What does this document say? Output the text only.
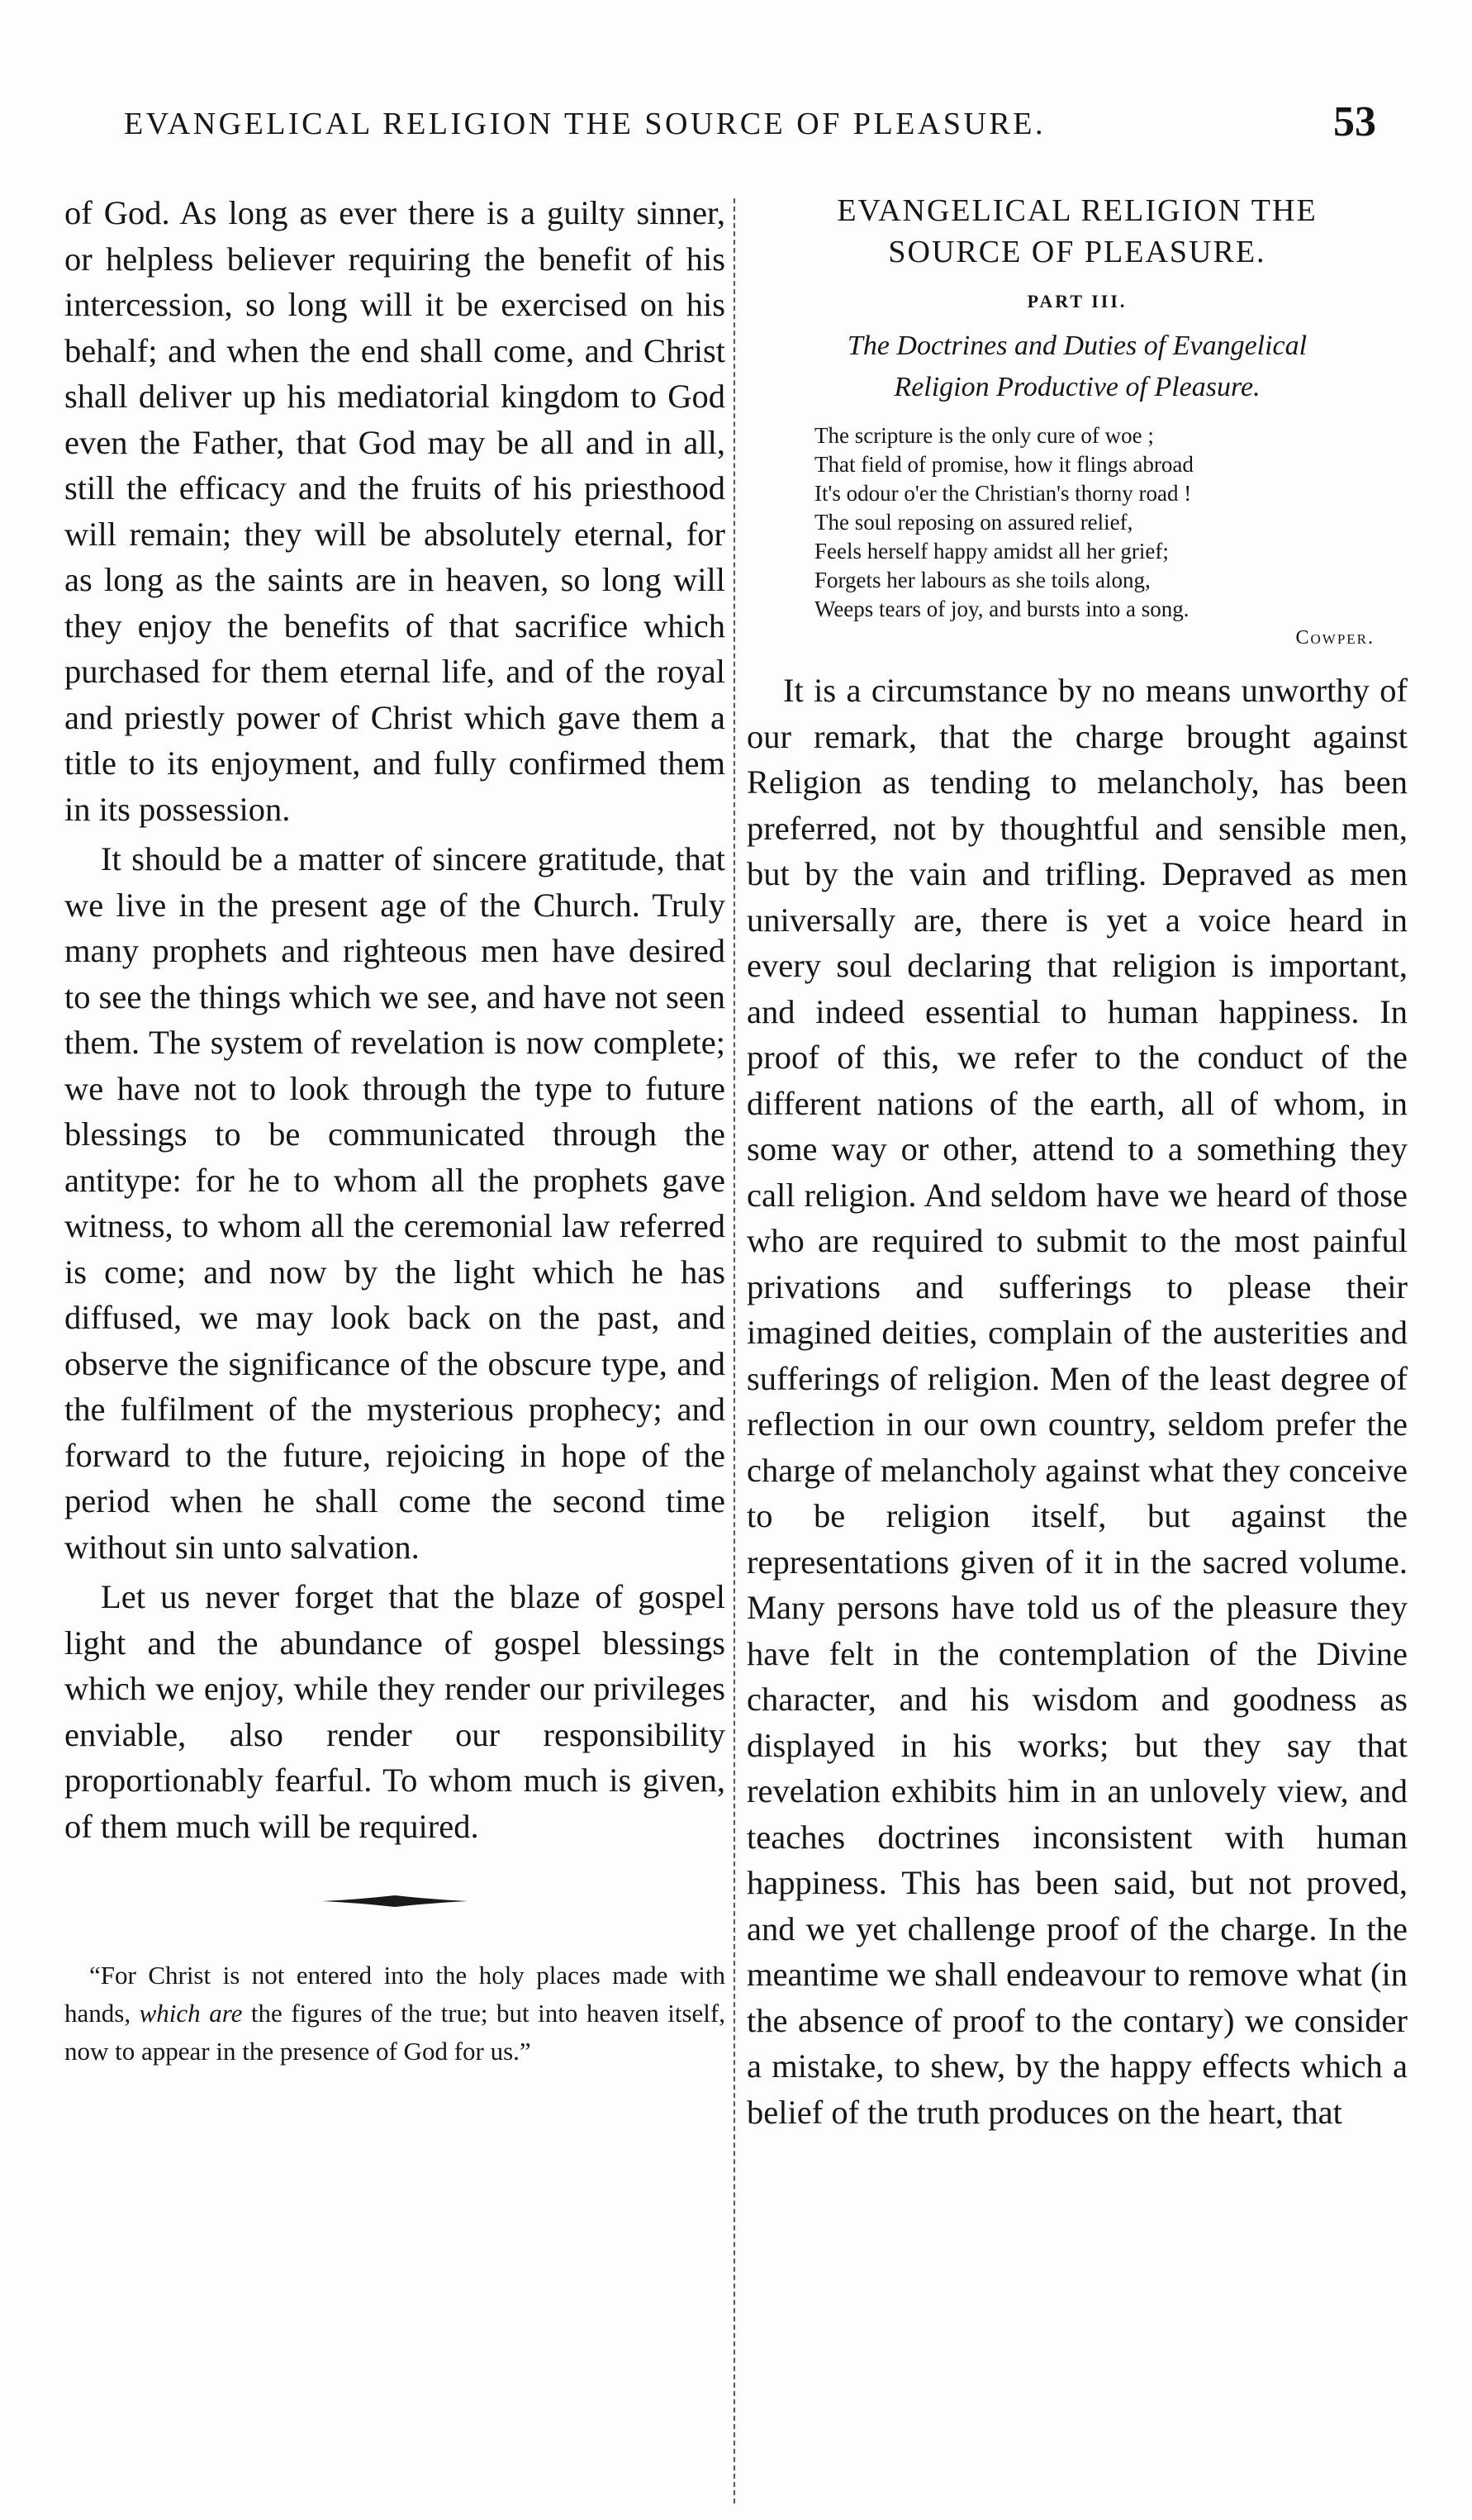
EVANGELICAL RELIGION THE SOURCE OF PLEASURE.	53

of God. As long as ever there is a guilty sinner, or helpless believer requiring the benefit of his intercession, so long will it be exercised on his behalf; and when the end shall come, and Christ shall deliver up his mediatorial kingdom to God even the Father, that God may be all and in all, still the efficacy and the fruits of his priesthood will remain; they will be absolutely eternal, for as long as the saints are in heaven, so long will they enjoy the benefits of that sacrifice which purchased for them eternal life, and of the royal and priestly power of Christ which gave them a title to its enjoyment, and fully confirmed them in its possession.

It should be a matter of sincere gratitude, that we live in the present age of the Church. Truly many prophets and righteous men have desired to see the things which we see, and have not seen them. The system of revelation is now complete; we have not to look through the type to future blessings to be communicated through the antitype: for he to whom all the prophets gave witness, to whom all the ceremonial law referred is come; and now by the light which he has diffused, we may look back on the past, and observe the significance of the obscure type, and the fulfilment of the mysterious prophecy; and forward to the future, rejoicing in hope of the period when he shall come the second time without sin unto salvation.

Let us never forget that the blaze of gospel light and the abundance of gospel blessings which we enjoy, while they render our privileges enviable, also render our responsibility proportionably fearful. To whom much is given, of them much will be required.

“For Christ is not entered into the holy places made with hands, which are the figures of the true; but into heaven itself, now to appear in the presence of God for us.”

EVANGELICAL RELIGION THE
SOURCE OF PLEASURE.

PART III.

The Doctrines and Duties of Evangelical
Religion Productive of Pleasure.

The scripture is the only cure of woe ;
That field of promise, how it flings abroad
It's odour o'er the Christian's thorny road !
The soul reposing on assured relief,
Feels herself happy amidst all her grief;
Forgets her labours as she toils along,
Weeps tears of joy, and bursts into a song.

Cowper.

It is a circumstance by no means unworthy of our remark, that the charge brought against Religion as tending to melancholy, has been preferred, not by thoughtful and sensible men, but by the vain and trifling. Depraved as men universally are, there is yet a voice heard in every soul declaring that religion is important, and indeed essential to human happiness. In proof of this, we refer to the conduct of the different nations of the earth, all of whom, in some way or other, attend to a something they call religion. And seldom have we heard of those who are required to submit to the most painful privations and sufferings to please their imagined deities, complain of the austerities and sufferings of religion. Men of the least degree of reflection in our own country, seldom prefer the charge of melancholy against what they conceive to be religion itself, but against the representations given of it in the sacred volume. Many persons have told us of the pleasure they have felt in the contemplation of the Divine character, and his wisdom and goodness as displayed in his works; but they say that revelation exhibits him in an unlovely view, and teaches doctrines inconsistent with human happiness. This has been said, but not proved, and we yet challenge proof of the charge. In the meantime we shall endeavour to remove what (in the absence of proof to the contary) we consider a mistake, to shew, by the happy effects which a belief of the truth produces on the heart, that
